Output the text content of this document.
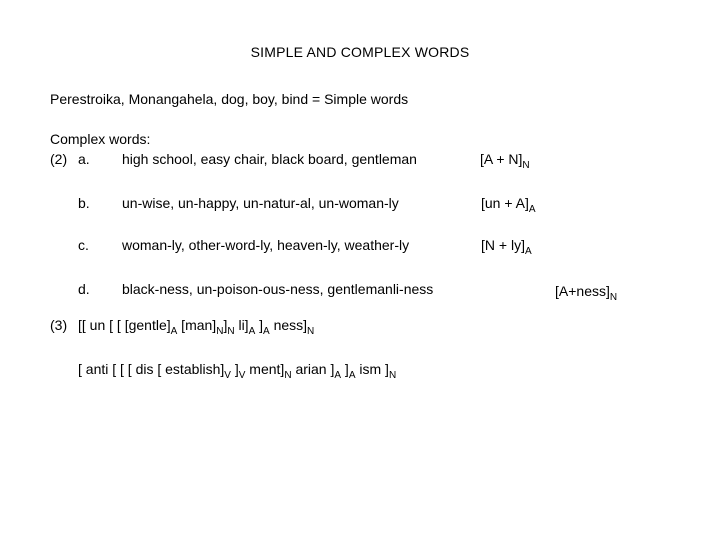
SIMPLE AND COMPLEX WORDS
Perestroika, Monangahela, dog, boy, bind = Simple words
Complex words:
(2) a. high school, easy chair, black board, gentleman	$[A + N]_N$
b. un-wise, un-happy, un-natur-al, un-woman-ly	$[un + A]_A$
c. woman-ly, other-word-ly, heaven-ly, weather-ly	$[N + ly]_A$
d. black-ness, un-poison-ous-ness, gentlemanli-ness	$[A+ness]_N$
(3) [[ un [ [ $[gentle]_A$ $[man]_N]_N$ $li]_A$ ]$_A$ $ness]_N$
[ anti [ [ [ dis [ $establish]_V$ ]$_V$ $ment]_N$ arian ]$_A$ ]$_A$ ism ]$_N$
